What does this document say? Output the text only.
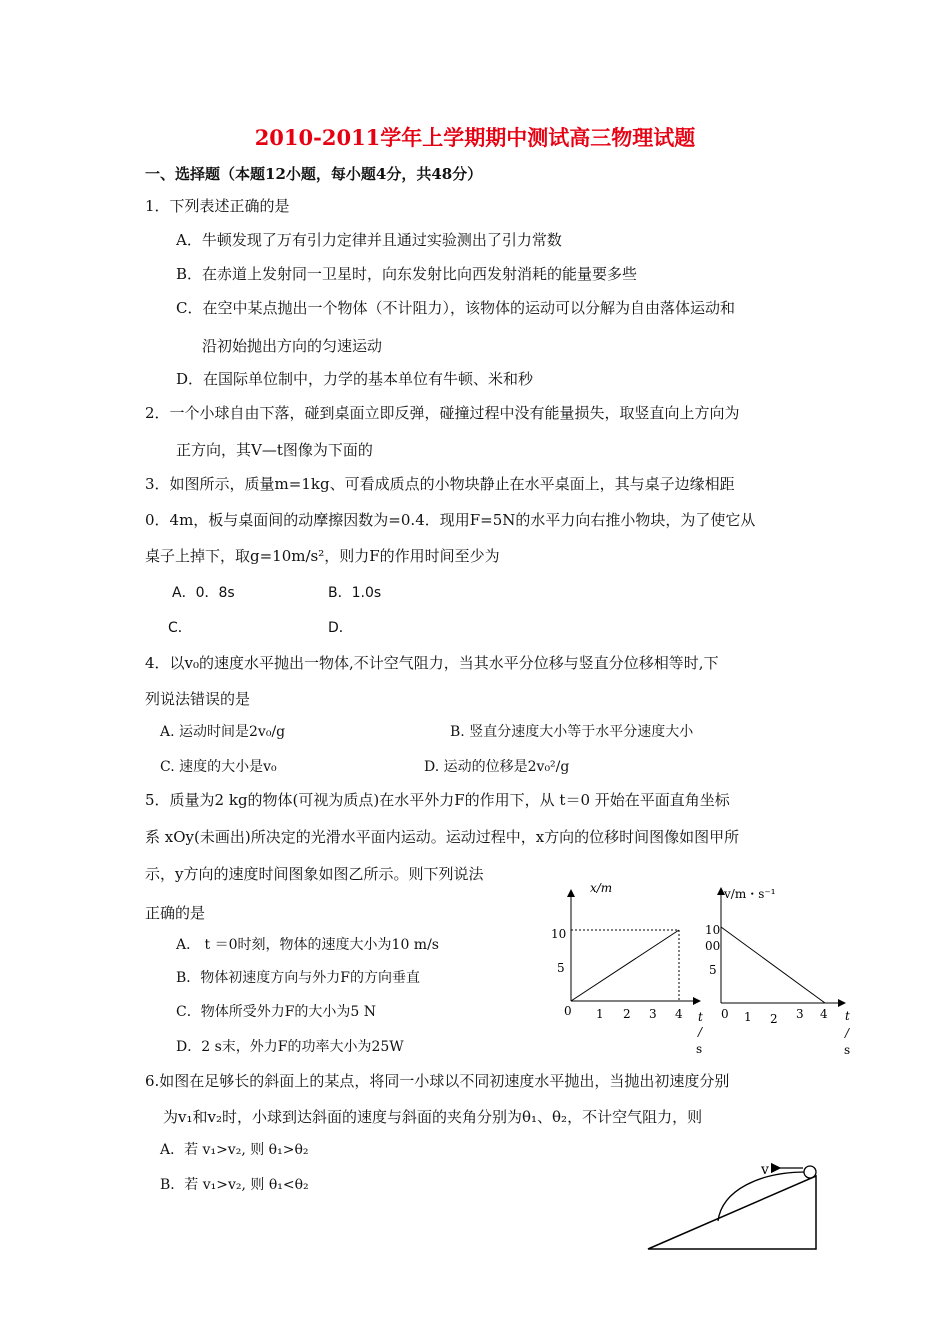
2010-2011学年上学期期中测试高三物理试题
一、选择题（本题12小题，每小题4分，共48分）
1．下列表述正确的是
A．牛顿发现了万有引力定律并且通过实验测出了引力常数
B．在赤道上发射同一卫星时，向东发射比向西发射消耗的能量要多些
C．在空中某点抛出一个物体（不计阻力），该物体的运动可以分解为自由落体运动和
沿初始抛出方向的匀速运动
D．在国际单位制中，力学的基本单位有牛顿、米和秒
2．一个小球自由下落，碰到桌面立即反弹，碰撞过程中没有能量损失，取竖直向上方向为
正方向，其V—t图像为下面的
3．如图所示，质量m=1kg、可看成质点的小物块静止在水平桌面上，其与桌子边缘相距
0．4m，板与桌面间的动摩擦因数为=0.4．现用F=5N的水平力向右推小物块，为了使它从
桌子上掉下，取g=10m/s²，则力F的作用时间至少为
A．0．8s	B．1.0s
C．	D．
4．以v₀的速度水平抛出一物体,不计空气阻力，当其水平分位移与竖直分位移相等时,下
列说法错误的是
A. 运动时间是2v₀/g	B. 竖直分速度大小等于水平分速度大小
C. 速度的大小是v₀	D. 运动的位移是2v₀²/g
5．质量为2 kg的物体(可视为质点)在水平外力F的作用下，从 t＝0 开始在平面直角坐标
系 xOy(未画出)所决定的光滑水平面内运动。运动过程中，x方向的位移时间图像如图甲所
示，y方向的速度时间图象如图乙所示。则下列说法
正确的是
A． t ＝0时刻，物体的速度大小为10 m/s
B．物体初速度方向与外力F的方向垂直
C．物体所受外力F的大小为5 N
D．2 s末，外力F的功率大小为25W
x/m
10
5
0 1 2 3 4 t
/
s
v/m・s⁻¹
10
00
5
0 1 2 3 4 t
/
s
6.如图在足够长的斜面上的某点，将同一小球以不同初速度水平抛出，当抛出初速度分别
为v₁和v₂时，小球到达斜面的速度与斜面的夹角分别为θ₁、θ₂，不计空气阻力，则
A．若 v₁>v₂, 则 θ₁>θ₂
B．若 v₁>v₂, 则 θ₁<θ₂
v
